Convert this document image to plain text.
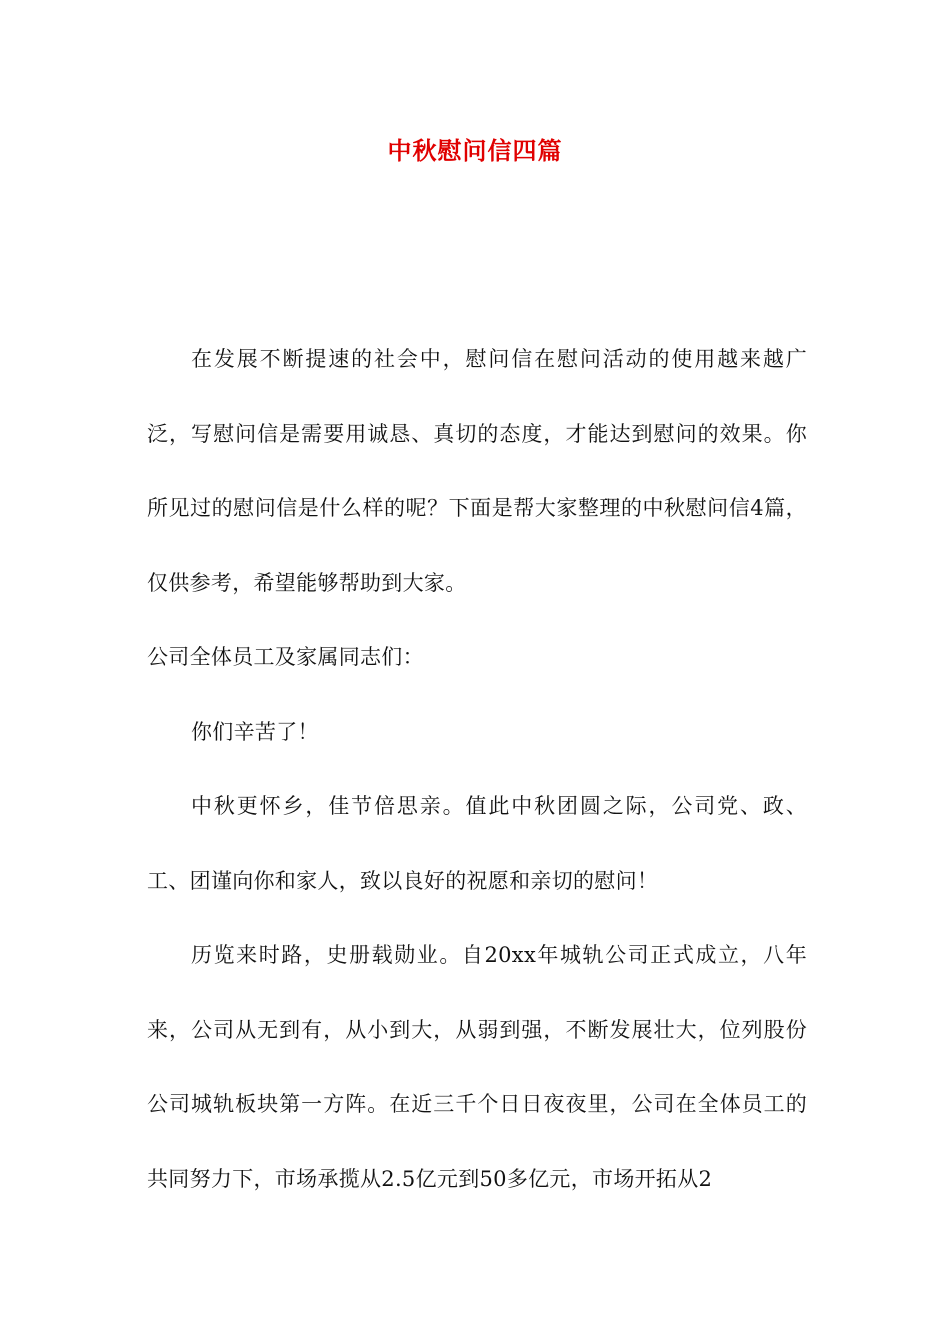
中秋慰问信四篇

在发展不断提速的社会中，慰问信在慰问活动的使用越来越广泛，写慰问信是需要用诚恳、真切的态度，才能达到慰问的效果。你所见过的慰问信是什么样的呢？下面是帮大家整理的中秋慰问信4篇，仅供参考，希望能够帮助到大家。

公司全体员工及家属同志们：

你们辛苦了！

中秋更怀乡，佳节倍思亲。值此中秋团圆之际，公司党、政、工、团谨向你和家人，致以良好的祝愿和亲切的慰问！

历览来时路，史册载勋业。自20xx年城轨公司正式成立，八年来，公司从无到有，从小到大，从弱到强，不断发展壮大，位列股份公司城轨板块第一方阵。在近三千个日日夜夜里，公司在全体员工的共同努力下，市场承揽从2.5亿元到50多亿元，市场开拓从2
